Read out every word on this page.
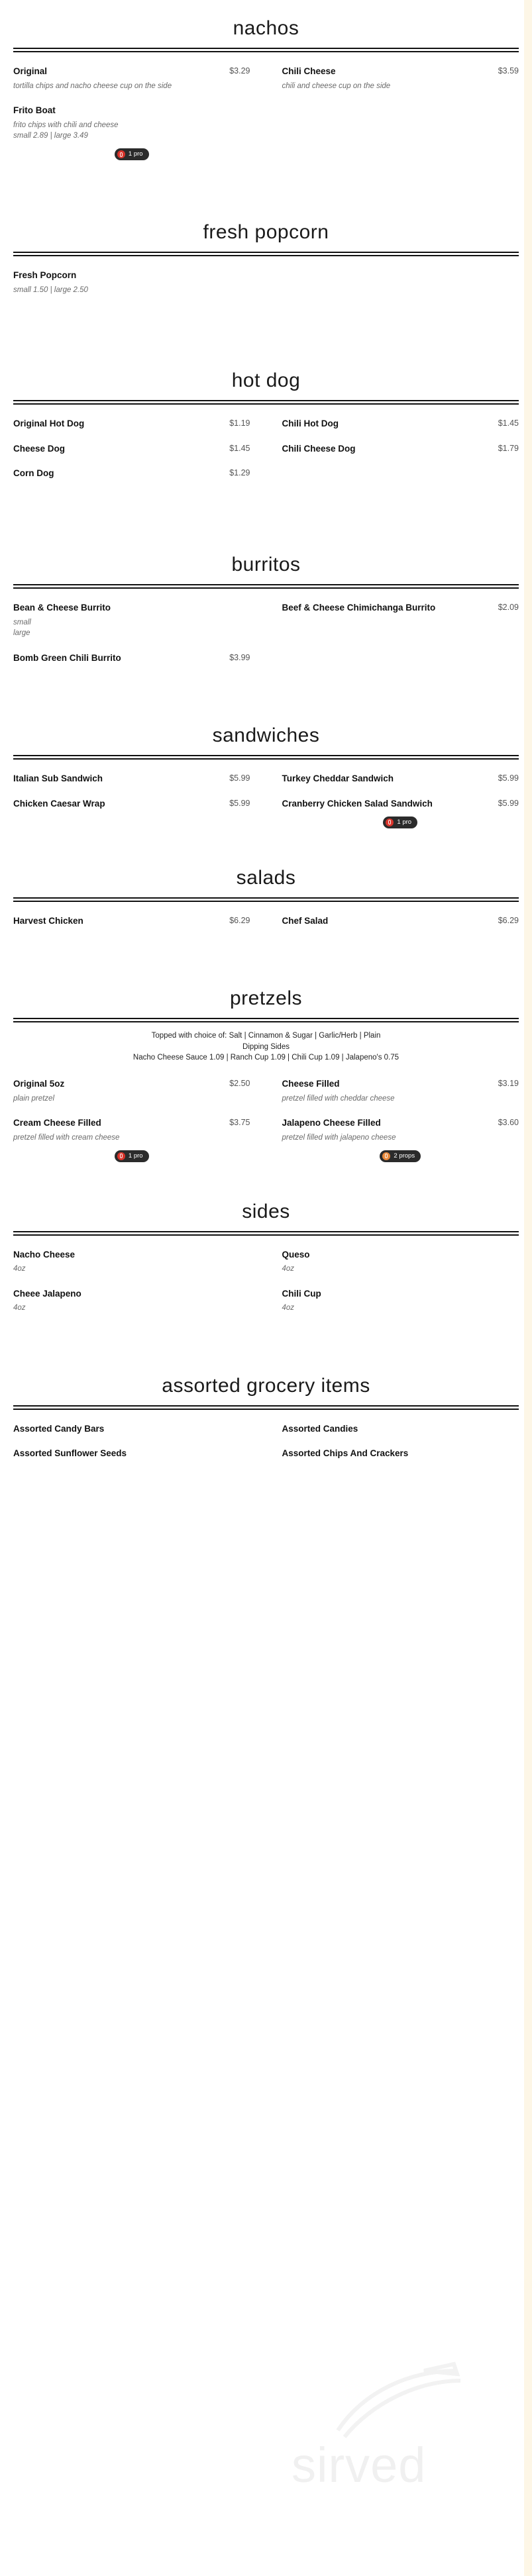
sirved
nachos
Original	$3.29
tortilla chips and nacho cheese cup on the side
Frito Boat
frito chips with chili and cheese
small 2.89 | large 3.49
1 pro
Chili Cheese	$3.59
chili and cheese cup on the side
fresh popcorn
Fresh Popcorn
small 1.50 | large 2.50
hot dog
Original Hot Dog	$1.19
Cheese Dog	$1.45
Corn Dog	$1.29
Chili Hot Dog	$1.45
Chili Cheese Dog	$1.79
burritos
Bean & Cheese Burrito
small
large
Bomb Green Chili Burrito	$3.99
Beef & Cheese Chimichanga Burrito	$2.09
sandwiches
Italian Sub Sandwich	$5.99
Chicken Caesar Wrap	$5.99
Turkey Cheddar Sandwich	$5.99
Cranberry Chicken Salad Sandwich	$5.99
1 pro
salads
Harvest Chicken	$6.29	Chef Salad	$6.29
pretzels
Topped with choice of: Salt | Cinnamon & Sugar | Garlic/Herb | Plain
Dipping Sides
Nacho Cheese Sauce 1.09 | Ranch Cup 1.09 | Chili Cup 1.09 | Jalapeno's 0.75
Original 5oz	$2.50
plain pretzel
Cream Cheese Filled	$3.75
pretzel filled with cream cheese
1 pro
Cheese Filled	$3.19
pretzel filled with cheddar cheese
Jalapeno Cheese Filled	$3.60
pretzel filled with jalapeno cheese
2 props
sides
Nacho Cheese
4oz
Cheee Jalapeno
4oz
Queso
4oz
Chili Cup
4oz
assorted grocery items
Assorted Candy Bars
Assorted Sunflower Seeds
Assorted Candies
Assorted Chips And Crackers
